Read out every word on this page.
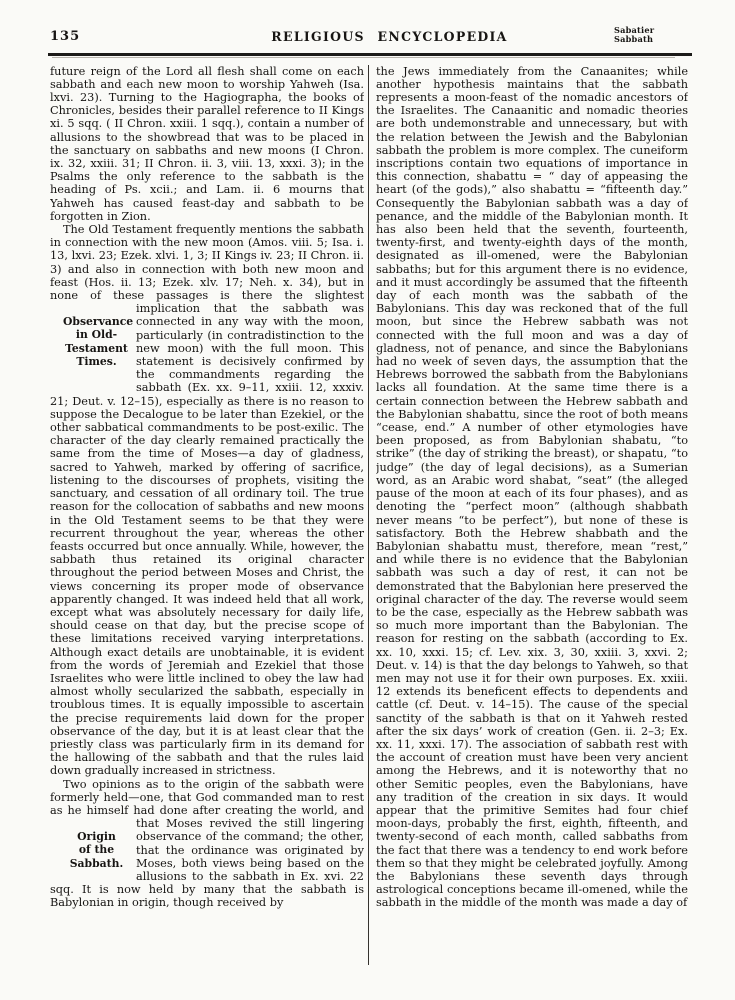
135	RELIGIOUS ENCYCLOPEDIA	Sabatier
Sabbath

future reign of the Lord all flesh shall come on each sabbath and each new moon to worship Yahweh (Isa. lxvi. 23). Turning to the Hagiographa, the books of Chronicles, besides their parallel reference to II Kings xi. 5 sqq. ( II Chron. xxiii. 1 sqq.), contain a number of allusions to the showbread that was to be placed in the sanctuary on sabbaths and new moons (I Chron. ix. 32, xxiii. 31; II Chron. ii. 3, viii. 13, xxxi. 3); in the Psalms the only reference to the sabbath is the heading of Ps. xcii.; and Lam. ii. 6 mourns that Yahweh has caused feast-day and sabbath to be forgotten in Zion.

The Old Testament frequently mentions the sabbath in connection with the new moon (Amos. viii. 5; Isa. i. 13, lxvi. 23; Ezek. xlvi. 1, 3; II Kings iv. 23; II Chron. ii. 3) and also in connection with both new moon and feast (Hos. ii. 13; Ezek. xlv. 17; Neh. x. 34), but in none of these passages is there the slightest implication that
Observance
in Old-
Testament
Times.
the sabbath was connected in any way with the moon, particularly (in contradistinction to the new moon) with the full moon. This statement is decisively confirmed by the commandments regarding the sabbath (Ex. xx. 9–11, xxiii. 12, xxxiv. 21; Deut. v. 12–15), especially as there is no reason to suppose the Decalogue to be later than Ezekiel, or the other sabbatical commandments to be post-exilic. The character of the day clearly remained practically the same from the time of Moses—a day of gladness, sacred to Yahweh, marked by offering of sacrifice, listening to the discourses of prophets, visiting the sanctuary, and cessation of all ordinary toil. The true reason for the collocation of sabbaths and new moons in the Old Testament seems to be that they were recurrent throughout the year, whereas the other feasts occurred but once annually. While, however, the sabbath thus retained its original character throughout the period between Moses and Christ, the views concerning its proper mode of observance apparently changed. It was indeed held that all work, except what was absolutely necessary for daily life, should cease on that day, but the precise scope of these limitations received varying interpretations. Although exact details are unobtainable, it is evident from the words of Jeremiah and Ezekiel that those Israelites who were little inclined to obey the law had almost wholly secularized the sabbath, especially in troublous times. It is equally impossible to ascertain the precise requirements laid down for the proper observance of the day, but it is at least clear that the priestly class was particularly firm in its demand for the hallowing of the sabbath and that the rules laid down gradually increased in strictness.

Two opinions as to the origin of the sabbath were formerly held—one, that God commanded man to rest as he himself had done after creating the
Origin
of the
Sabbath.
world, and that Moses revived the still lingering observance of the command; the other, that the ordinance was originated by Moses, both views being based on the allusions to the sabbath in Ex. xvi. 22 sqq. It is now held by many that the sabbath is Babylonian in origin, though received by

the Jews immediately from the Canaanites; while another hypothesis maintains that the sabbath represents a moon-feast of the nomadic ancestors of the Israelites. The Canaanitic and nomadic theories are both undemonstrable and unnecessary, but with the relation between the Jewish and the Babylonian sabbath the problem is more complex. The cuneiform inscriptions contain two equations of importance in this connection, shabattu = “ day of appeasing the heart (of the gods),” also shabattu = “fifteenth day.” Consequently the Babylonian sabbath was a day of penance, and the middle of the Babylonian month. It has also been held that the seventh, fourteenth, twenty-first, and twenty-eighth days of the month, designated as ill-omened, were the Babylonian sabbaths; but for this argument there is no evidence, and it must accordingly be assumed that the fifteenth day of each month was the sabbath of the Babylonians. This day was reckoned that of the full moon, but since the Hebrew sabbath was not connected with the full moon and was a day of gladness, not of penance, and since the Babylonians had no week of seven days, the assumption that the Hebrews borrowed the sabbath from the Babylonians lacks all foundation. At the same time there is a certain connection between the Hebrew sabbath and the Babylonian shabattu, since the root of both means “cease, end.” A number of other etymologies have been proposed, as from Babylonian shabatu, “to strike” (the day of striking the breast), or shapatu, “to judge” (the day of legal decisions), as a Sumerian word, as an Arabic word shabat, “seat” (the alleged pause of the moon at each of its four phases), and as denoting the “perfect moon” (although shabbath never means “to be perfect”), but none of these is satisfactory. Both the Hebrew shabbath and the Babylonian shabattu must, therefore, mean “rest,” and while there is no evidence that the Babylonian sabbath was such a day of rest, it can not be demonstrated that the Babylonian here preserved the original character of the day. The reverse would seem to be the case, especially as the Hebrew sabbath was so much more important than the Babylonian. The reason for resting on the sabbath (according to Ex. xx. 10, xxxi. 15; cf. Lev. xix. 3, 30, xxiii. 3, xxvi. 2; Deut. v. 14) is that the day belongs to Yahweh, so that men may not use it for their own purposes. Ex. xxiii. 12 extends its beneficent effects to dependents and cattle (cf. Deut. v. 14–15). The cause of the special sanctity of the sabbath is that on it Yahweh rested after the six days’ work of creation (Gen. ii. 2–3; Ex. xx. 11, xxxi. 17). The association of sabbath rest with the account of creation must have been very ancient among the Hebrews, and it is noteworthy that no other Semitic peoples, even the Babylonians, have any tradition of the creation in six days. It would appear that the primitive Semites had four chief moon-days, probably the first, eighth, fifteenth, and twenty-second of each month, called sabbaths from the fact that there was a tendency to end work before them so that they might be celebrated joyfully. Among the Babylonians these seventh days through astrological conceptions became ill-omened, while the sabbath in the middle of the month was made a day of
